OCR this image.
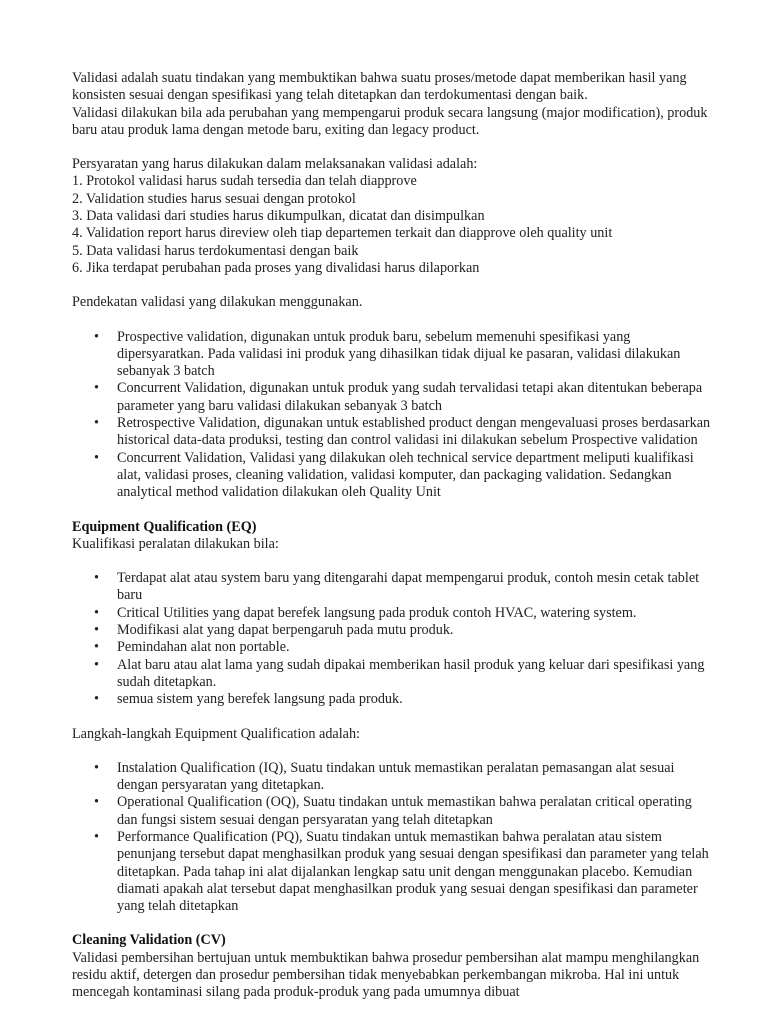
Validasi adalah suatu tindakan yang membuktikan bahwa suatu proses/metode dapat memberikan hasil yang konsisten sesuai dengan spesifikasi yang telah ditetapkan dan terdokumentasi dengan baik.

Validasi dilakukan bila ada perubahan yang mempengarui produk secara langsung (major modification), produk baru atau produk lama dengan metode baru, exiting dan legacy product.

Persyaratan yang harus dilakukan dalam melaksanakan validasi adalah:

1. Protokol validasi harus sudah tersedia dan telah diapprove

2. Validation studies harus sesuai dengan protokol

3. Data validasi dari studies harus dikumpulkan, dicatat dan disimpulkan

4. Validation report harus direview oleh tiap departemen terkait dan diapprove oleh quality unit

5. Data validasi harus terdokumentasi dengan baik

6. Jika terdapat perubahan pada proses yang divalidasi harus dilaporkan

Pendekatan validasi yang dilakukan menggunakan.

• Prospective validation, digunakan untuk produk baru, sebelum memenuhi spesifikasi yang dipersyaratkan. Pada validasi ini produk yang dihasilkan tidak dijual ke pasaran, validasi dilakukan sebanyak 3 batch
• Concurrent Validation, digunakan untuk produk yang sudah tervalidasi tetapi akan ditentukan beberapa parameter yang baru validasi dilakukan sebanyak 3 batch
• Retrospective Validation, digunakan untuk established product dengan mengevaluasi proses berdasarkan historical data-data produksi, testing dan control validasi ini dilakukan sebelum Prospective validation
• Concurrent Validation, Validasi yang dilakukan oleh technical service department meliputi kualifikasi alat, validasi proses, cleaning validation, validasi komputer, dan packaging validation. Sedangkan analytical method validation dilakukan oleh Quality Unit

Equipment Qualification (EQ)

Kualifikasi peralatan dilakukan bila:

• Terdapat alat atau system baru yang ditengarahi dapat mempengarui produk, contoh mesin cetak tablet baru
• Critical Utilities yang dapat berefek langsung pada produk contoh HVAC, watering system.
• Modifikasi alat yang dapat berpengaruh pada mutu produk.
• Pemindahan alat non portable.
• Alat baru atau alat lama yang sudah dipakai memberikan hasil produk yang keluar dari spesifikasi yang sudah ditetapkan.
• semua sistem yang berefek langsung pada produk.

Langkah-langkah Equipment Qualification adalah:

• Instalation Qualification (IQ), Suatu tindakan untuk memastikan peralatan pemasangan alat sesuai dengan persyaratan yang ditetapkan.
• Operational Qualification (OQ), Suatu tindakan untuk memastikan bahwa peralatan critical operating dan fungsi sistem sesuai dengan persyaratan yang telah ditetapkan
• Performance Qualification (PQ), Suatu tindakan untuk memastikan bahwa peralatan atau sistem penunjang tersebut dapat menghasilkan produk yang sesuai dengan spesifikasi dan parameter yang telah ditetapkan. Pada tahap ini alat dijalankan lengkap satu unit dengan menggunakan placebo. Kemudian diamati apakah alat tersebut dapat menghasilkan produk yang sesuai dengan spesifikasi dan parameter yang telah ditetapkan

Cleaning Validation (CV)

Validasi pembersihan bertujuan untuk membuktikan bahwa prosedur pembersihan alat mampu menghilangkan residu aktif, detergen dan prosedur pembersihan tidak menyebabkan perkembangan mikroba. Hal ini untuk mencegah kontaminasi silang pada produk-produk yang pada umumnya dibuat
